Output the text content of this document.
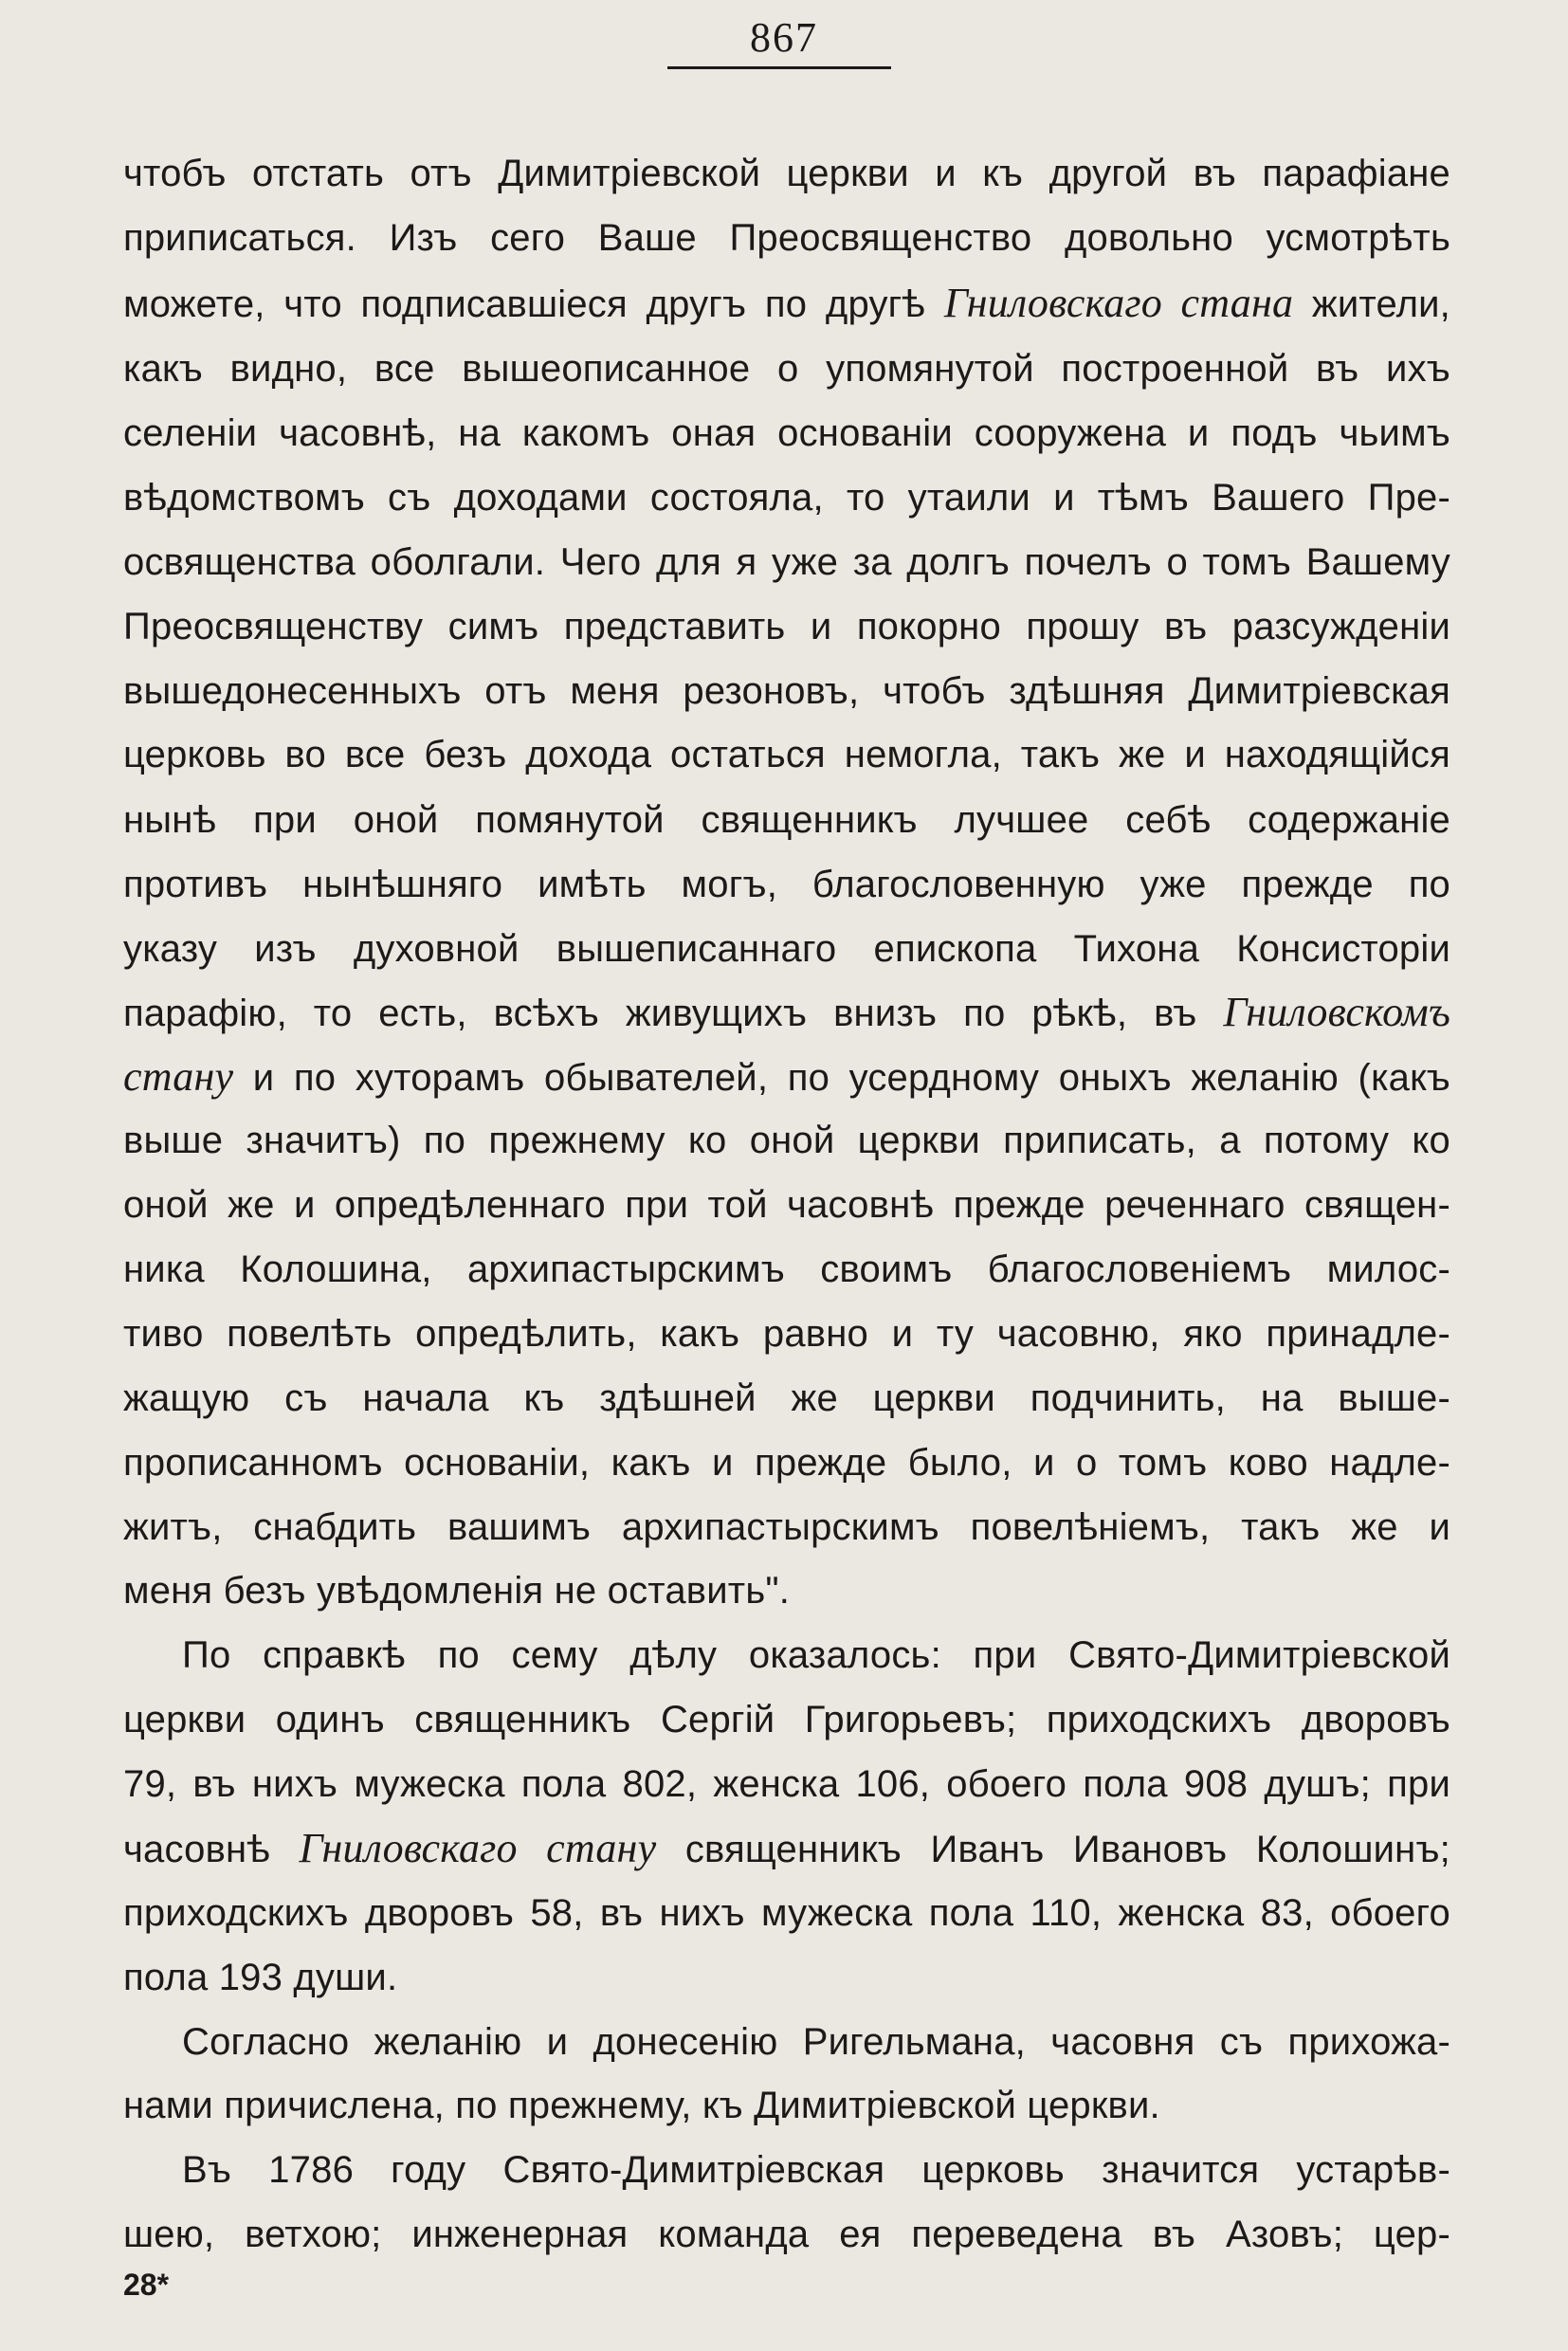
867
чтобъ отстать отъ Димитріевской церкви и къ другой въ парафіане
приписаться. Изъ сего Ваше Преосвященство довольно усмотрѣть
можете, что подписавшіеся другъ по другѣ Гниловскаго стана жители,
какъ видно, все вышеописанное о упомянутой построенной въ ихъ
селеніи часовнѣ, на какомъ оная основаніи сооружена и подъ чьимъ
вѣдомствомъ съ доходами состояла, то утаили и тѣмъ Вашего Пре-
освященства оболгали. Чего для я уже за долгъ почелъ о томъ Вашему
Преосвященству симъ представить и покорно прошу въ разсужденіи
вышедонесенныхъ отъ меня резоновъ, чтобъ здѣшняя Димитріевская
церковь во все безъ дохода остаться немогла, такъ же и находящійся
нынѣ при оной помянутой священникъ лучшее себѣ содержаніе
противъ нынѣшняго имѣть могъ, благословенную уже прежде по
указу изъ духовной вышеписаннаго епископа Тихона Консисторіи
парафію, то есть, всѣхъ живущихъ внизъ по рѣкѣ, въ Гниловскомъ
стану и по хуторамъ обывателей, по усердному оныхъ желанію (какъ
выше значитъ) по прежнему ко оной церкви приписать, а потому ко
оной же и опредѣленнаго при той часовнѣ прежде реченнаго священ-
ника Колошина, архипастырскимъ своимъ благословеніемъ милос-
тиво повелѣть опредѣлить, какъ равно и ту часовню, яко принадле-
жащую съ начала къ здѣшней же церкви подчинить, на выше-
прописанномъ основаніи, какъ и прежде было, и о томъ ково надле-
житъ, снабдить вашимъ архипастырскимъ повелѣніемъ, такъ же и
меня безъ увѣдомленія не оставить".
По справкѣ по сему дѣлу оказалось: при Свято-Димитріевской
церкви одинъ священникъ Сергій Григорьевъ; приходскихъ дворовъ
79, въ нихъ мужеска пола 802, женска 106, обоего пола 908 душъ; при
часовнѣ Гниловскаго стану священникъ Иванъ Ивановъ Колошинъ;
приходскихъ дворовъ 58, въ нихъ мужеска пола 110, женска 83, обоего
пола 193 души.
Согласно желанію и донесенію Ригельмана, часовня съ прихожа-
нами причислена, по прежнему, къ Димитріевской церкви.
Въ 1786 году Свято-Димитріевская церковь значится устарѣв-
шею, ветхою; инженерная команда ея переведена въ Азовъ; цер-
28*
